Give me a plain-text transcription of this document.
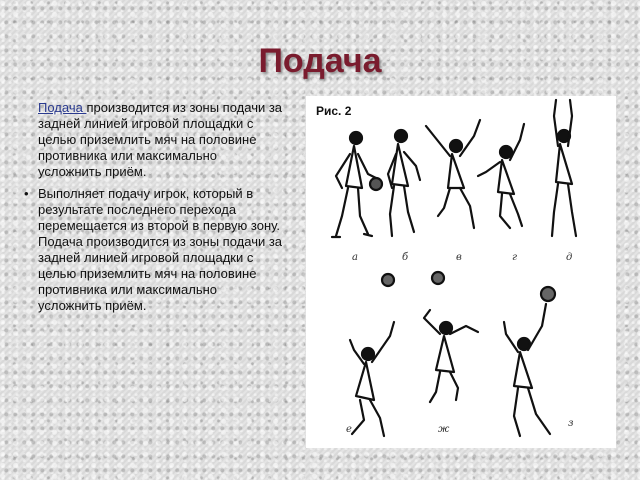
Подача

Подача производится из зоны подачи за задней линией игровой площадки с целью приземлить мяч на половине противника или максимально усложнить приём.

• Выполняет подачу игрок, который в результате последнего перехода перемещается из второй в первую зону. Подача производится из зоны подачи за задней линией игровой площадки с целью приземлить мяч на половине противника или максимально усложнить приём.

Рис. 2
а	б	в	г	д
е	ж
з
